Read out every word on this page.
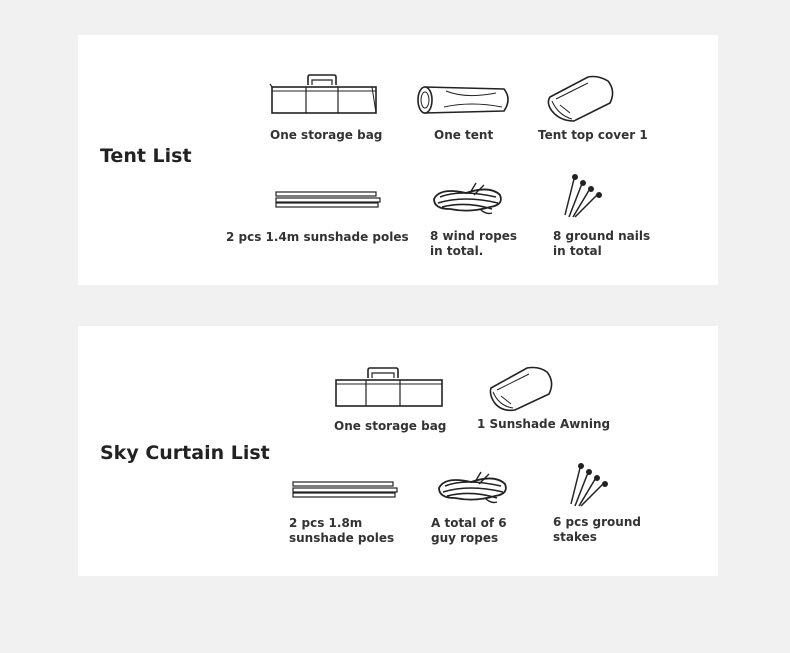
Tent List
One storage bag	One tent	Tent top cover 1
2 pcs 1.4m sunshade poles 8 wind ropes
in total.
8 ground nails
in total
Sky Curtain List
One storage bag	1 Sunshade Awning
2 pcs 1.8m
sunshade poles
A total of 6
guy ropes
6 pcs ground
stakes
